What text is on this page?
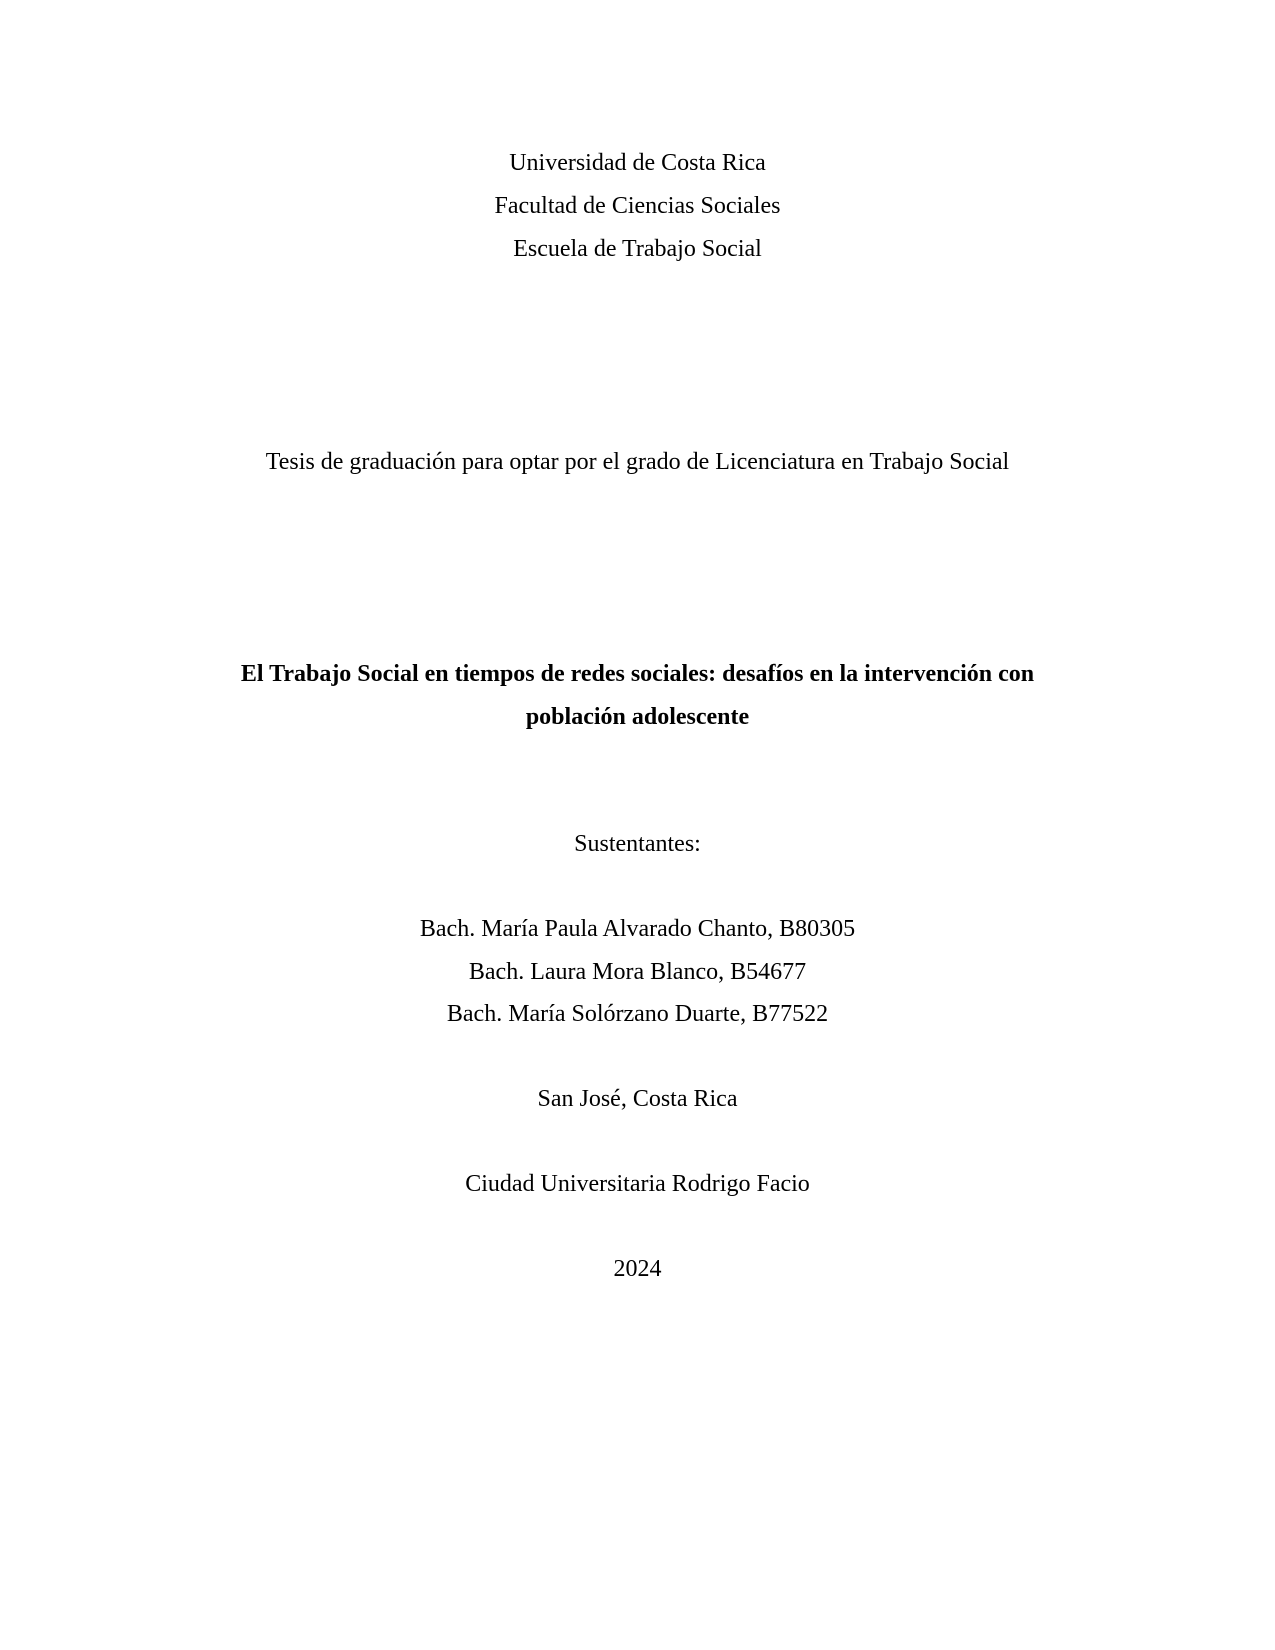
Universidad de Costa Rica
Facultad de Ciencias Sociales
Escuela de Trabajo Social
Tesis de graduación para optar por el grado de Licenciatura en Trabajo Social
El Trabajo Social en tiempos de redes sociales: desafíos en la intervención con
población adolescente
Sustentantes:
Bach. María Paula Alvarado Chanto, B80305
Bach. Laura Mora Blanco, B54677
Bach. María Solórzano Duarte, B77522
San José, Costa Rica
Ciudad Universitaria Rodrigo Facio
2024
